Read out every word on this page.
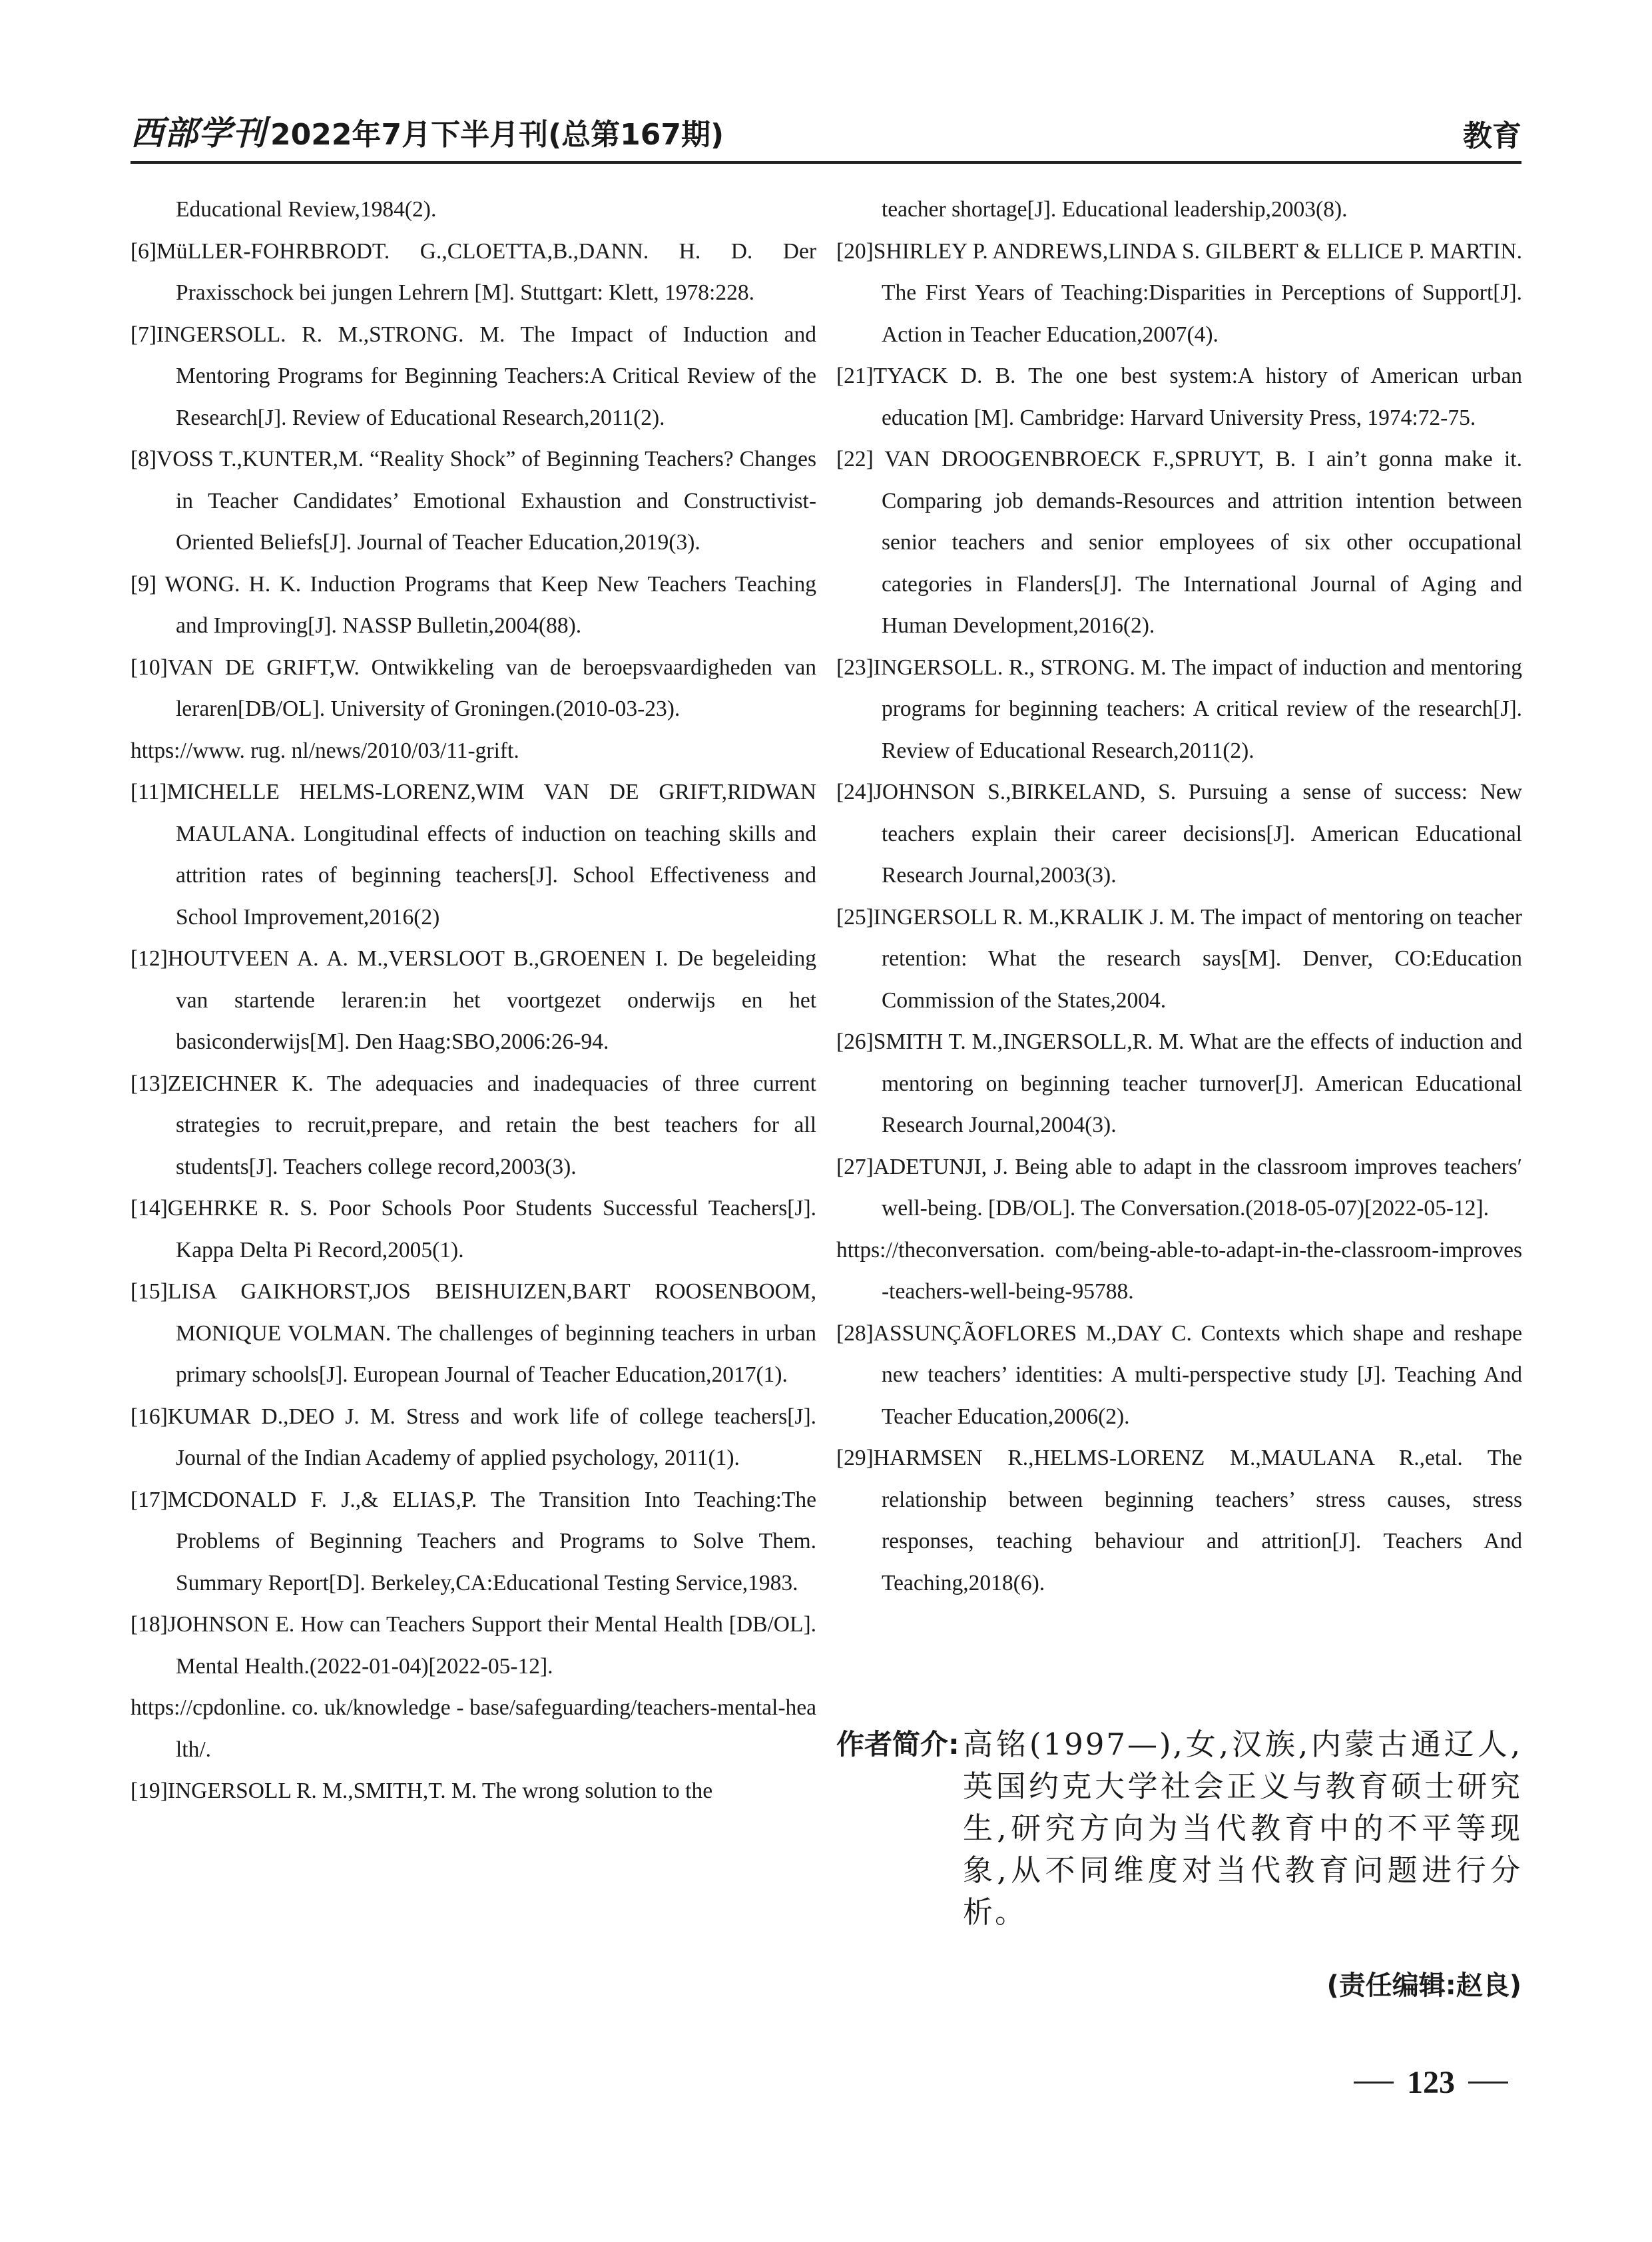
西部学刊 2022年7月下半月刊(总第167期)	教育

Educational Review,1984(2).

[6]MüLLER-FOHRBRODT. G.,CLOETTA,B.,DANN. H. D. Der Praxisschock bei jungen Lehrern [M]. Stuttgart: Klett, 1978:228.

[7]INGERSOLL. R. M.,STRONG. M. The Impact of Induction and Mentoring Programs for Beginning Teachers:A Critical Review of the Research[J]. Review of Educational Research,2011(2).

[8]VOSS T.,KUNTER,M. “Reality Shock” of Beginning Teachers? Changes in Teacher Candidates’ Emotional Exhaustion and Constructivist-Oriented Beliefs[J]. Journal of Teacher Education,2019(3).

[9] WONG. H. K. Induction Programs that Keep New Teachers Teaching and Improving[J]. NASSP Bulletin,2004(88).

[10]VAN DE GRIFT,W. Ontwikkeling van de beroepsvaardigheden van leraren[DB/OL]. University of Groningen.(2010-03-23).
https://www. rug. nl/news/2010/03/11-grift.

[11]MICHELLE HELMS-LORENZ,WIM VAN DE GRIFT,RIDWAN MAULANA. Longitudinal effects of induction on teaching skills and attrition rates of beginning teachers[J]. School Effectiveness and School Improvement,2016(2)

[12]HOUTVEEN A. A. M.,VERSLOOT B.,GROENEN I. De begeleiding van startende leraren:in het voortgezet onderwijs en het basiconderwijs[M]. Den Haag:SBO,2006:26-94.

[13]ZEICHNER K. The adequacies and inadequacies of three current strategies to recruit,prepare, and retain the best teachers for all students[J]. Teachers college record,2003(3).

[14]GEHRKE R. S. Poor Schools Poor Students Successful Teachers[J]. Kappa Delta Pi Record,2005(1).

[15]LISA GAIKHORST,JOS BEISHUIZEN,BART ROOSENBOOM, MONIQUE VOLMAN. The challenges of beginning teachers in urban primary schools[J]. European Journal of Teacher Education,2017(1).

[16]KUMAR D.,DEO J. M. Stress and work life of college teachers[J]. Journal of the Indian Academy of applied psychology, 2011(1).

[17]MCDONALD F. J.,& ELIAS,P. The Transition Into Teaching:The Problems of Beginning Teachers and Programs to Solve Them. Summary Report[D]. Berkeley,CA:Educational Testing Service,1983.

[18]JOHNSON E. How can Teachers Support their Mental Health [DB/OL]. Mental Health.(2022-01-04)[2022-05-12].
https://cpdonline. co. uk/knowledge - base/safeguarding/teachers-mental-health/.

[19]INGERSOLL R. M.,SMITH,T. M. The wrong solution to the

teacher shortage[J]. Educational leadership,2003(8).

[20]SHIRLEY P. ANDREWS,LINDA S. GILBERT & ELLICE P. MARTIN. The First Years of Teaching:Disparities in Perceptions of Support[J]. Action in Teacher Education,2007(4).

[21]TYACK D. B. The one best system:A history of American urban education [M]. Cambridge: Harvard University Press, 1974:72-75.

[22] VAN DROOGENBROECK F.,SPRUYT, B. I ain’t gonna make it. Comparing job demands-Resources and attrition intention between senior teachers and senior employees of six other occupational categories in Flanders[J]. The International Journal of Aging and Human Development,2016(2).

[23]INGERSOLL. R., STRONG. M. The impact of induction and mentoring programs for beginning teachers: A critical review of the research[J]. Review of Educational Research,2011(2).

[24]JOHNSON S.,BIRKELAND, S. Pursuing a sense of success: New teachers explain their career decisions[J]. American Educational Research Journal,2003(3).

[25]INGERSOLL R. M.,KRALIK J. M. The impact of mentoring on teacher retention: What the research says[M]. Denver, CO:Education Commission of the States,2004.

[26]SMITH T. M.,INGERSOLL,R. M. What are the effects of induction and mentoring on beginning teacher turnover[J]. American Educational Research Journal,2004(3).

[27]ADETUNJI, J. Being able to adapt in the classroom improves teachers′ well-being. [DB/OL]. The Conversation.(2018-05-07)[2022-05-12].
https://theconversation. com/being-able-to-adapt-in-the-classroom-improves-teachers-well-being-95788.

[28]ASSUNÇÃOFLORES M.,DAY C. Contexts which shape and reshape new teachers’ identities: A multi-perspective study [J]. Teaching And Teacher Education,2006(2).

[29]HARMSEN R.,HELMS-LORENZ M.,MAULANA R.,etal. The relationship between beginning teachers’ stress causes, stress responses, teaching behaviour and attrition[J]. Teachers And Teaching,2018(6).

作者简介: 高铭(1997—),女,汉族,内蒙古通辽人,英国约克大学社会正义与教育硕士研究生,研究方向为当代教育中的不平等现象,从不同维度对当代教育问题进行分析。
(责任编辑:赵良)
123
